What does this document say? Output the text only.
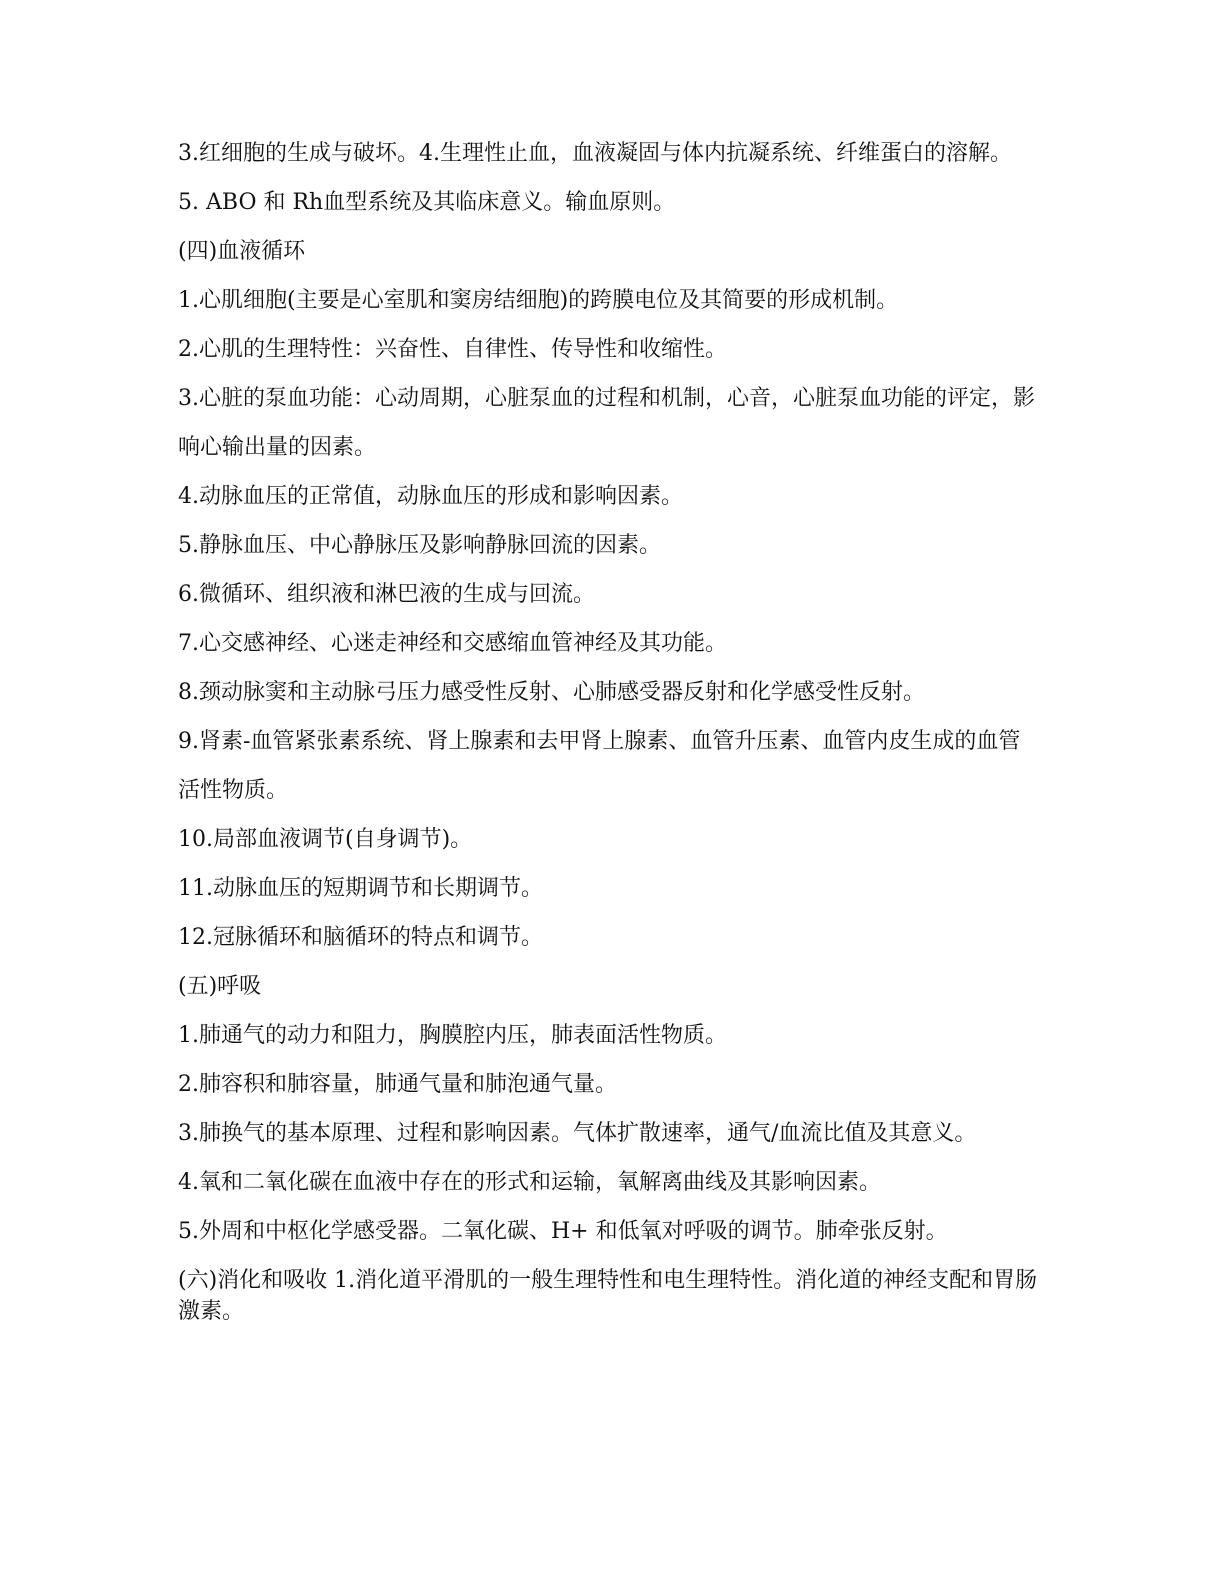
3.红细胞的生成与破坏。4.生理性止血，血液凝固与体内抗凝系统、纤维蛋白的溶解。

5. ABO 和 Rh血型系统及其临床意义。输血原则。

(四)血液循环

1.心肌细胞(主要是心室肌和窦房结细胞)的跨膜电位及其简要的形成机制。

2.心肌的生理特性：兴奋性、自律性、传导性和收缩性。

3.心脏的泵血功能：心动周期，心脏泵血的过程和机制，心音，心脏泵血功能的评定，影

响心输出量的因素。

4.动脉血压的正常值，动脉血压的形成和影响因素。

5.静脉血压、中心静脉压及影响静脉回流的因素。

6.微循环、组织液和淋巴液的生成与回流。

7.心交感神经、心迷走神经和交感缩血管神经及其功能。

8.颈动脉窦和主动脉弓压力感受性反射、心肺感受器反射和化学感受性反射。

9.肾素-血管紧张素系统、肾上腺素和去甲肾上腺素、血管升压素、血管内皮生成的血管

活性物质。

10.局部血液调节(自身调节)。

11.动脉血压的短期调节和长期调节。

12.冠脉循环和脑循环的特点和调节。

(五)呼吸

1.肺通气的动力和阻力，胸膜腔内压，肺表面活性物质。

2.肺容积和肺容量，肺通气量和肺泡通气量。

3.肺换气的基本原理、过程和影响因素。气体扩散速率，通气/血流比值及其意义。

4.氧和二氧化碳在血液中存在的形式和运输，氧解离曲线及其影响因素。

5.外周和中枢化学感受器。二氧化碳、H+ 和低氧对呼吸的调节。肺牵张反射。

(六)消化和吸收 1.消化道平滑肌的一般生理特性和电生理特性。消化道的神经支配和胃肠激素。
